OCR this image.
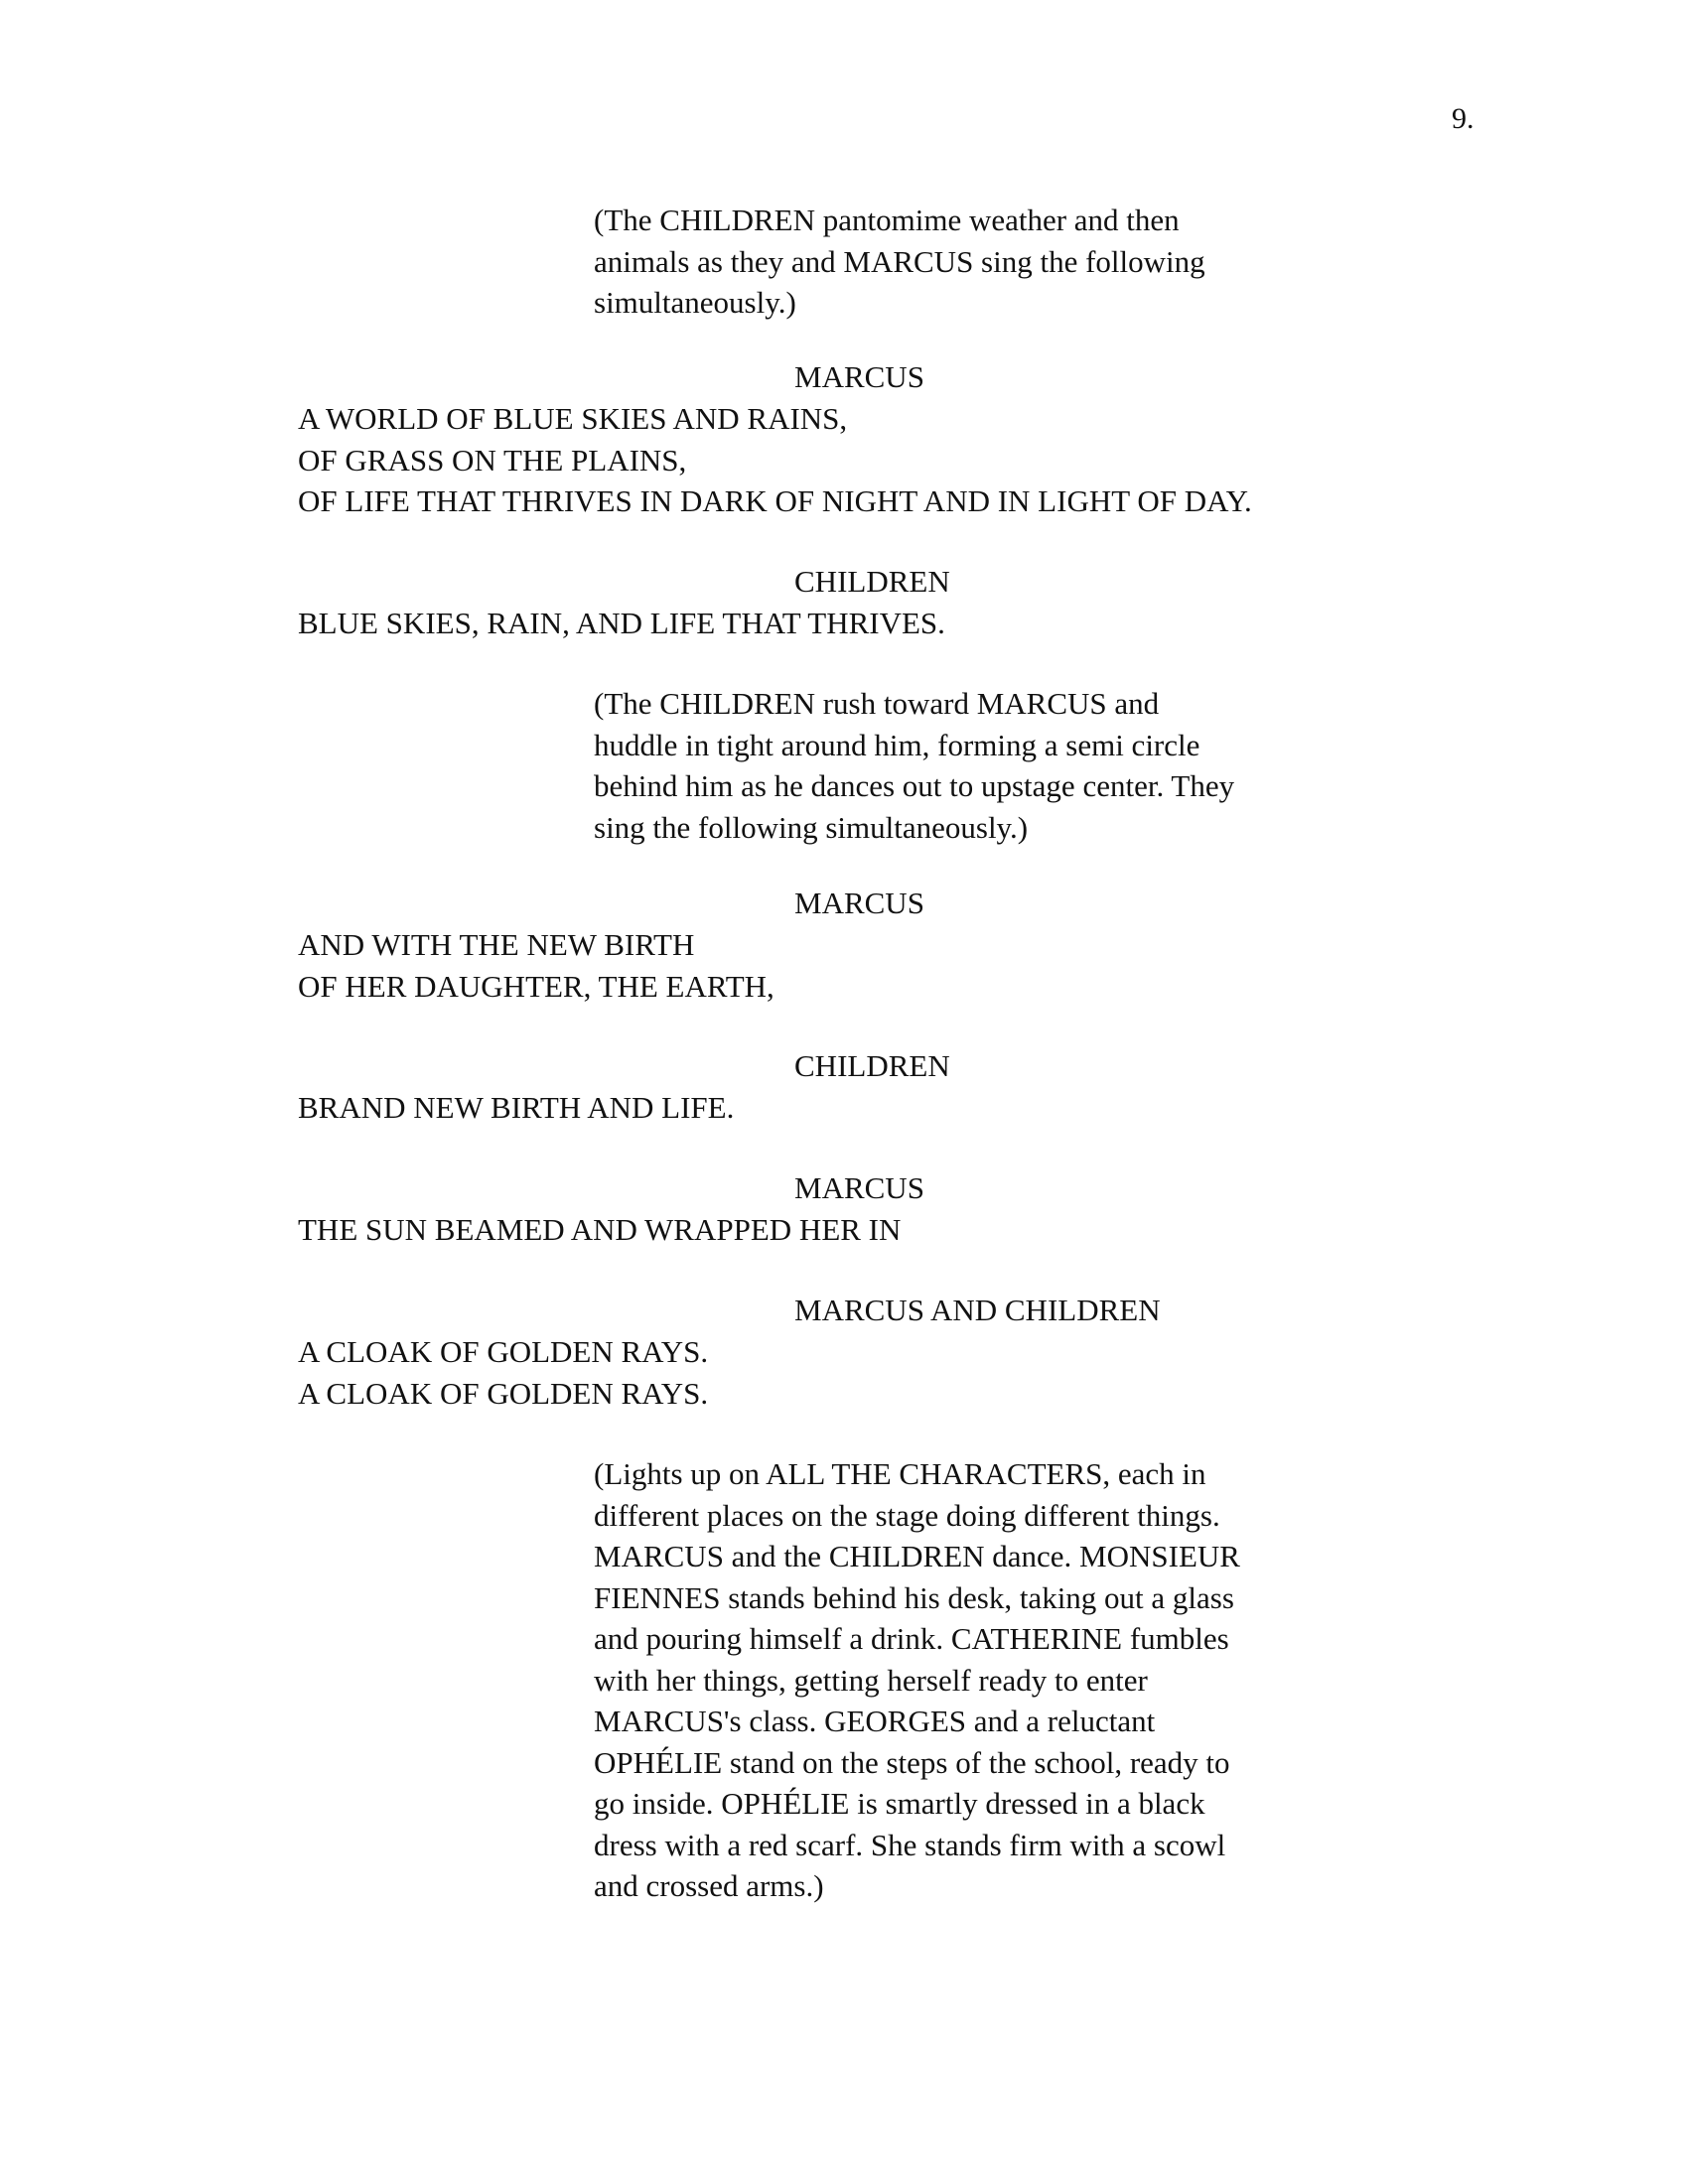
9.
(The CHILDREN pantomime weather and then
animals as they and MARCUS sing the following
simultaneously.)
MARCUS
A WORLD OF BLUE SKIES AND RAINS,
OF GRASS ON THE PLAINS,
OF LIFE THAT THRIVES IN DARK OF NIGHT AND IN LIGHT OF DAY.
CHILDREN
BLUE SKIES, RAIN, AND LIFE THAT THRIVES.
(The CHILDREN rush toward MARCUS and
huddle in tight around him, forming a semi circle
behind him as he dances out to upstage center. They
sing the following simultaneously.)
MARCUS
AND WITH THE NEW BIRTH
OF HER DAUGHTER, THE EARTH,
CHILDREN
BRAND NEW BIRTH AND LIFE.
MARCUS
THE SUN BEAMED AND WRAPPED HER IN
MARCUS AND CHILDREN
A CLOAK OF GOLDEN RAYS.
A CLOAK OF GOLDEN RAYS.
(Lights up on ALL THE CHARACTERS, each in
different places on the stage doing different things.
MARCUS and the CHILDREN dance. MONSIEUR
FIENNES stands behind his desk, taking out a glass
and pouring himself a drink. CATHERINE fumbles
with her things, getting herself ready to enter
MARCUS's class. GEORGES and a reluctant
OPHÉLIE stand on the steps of the school, ready to
go inside. OPHÉLIE is smartly dressed in a black
dress with a red scarf. She stands firm with a scowl
and crossed arms.)
